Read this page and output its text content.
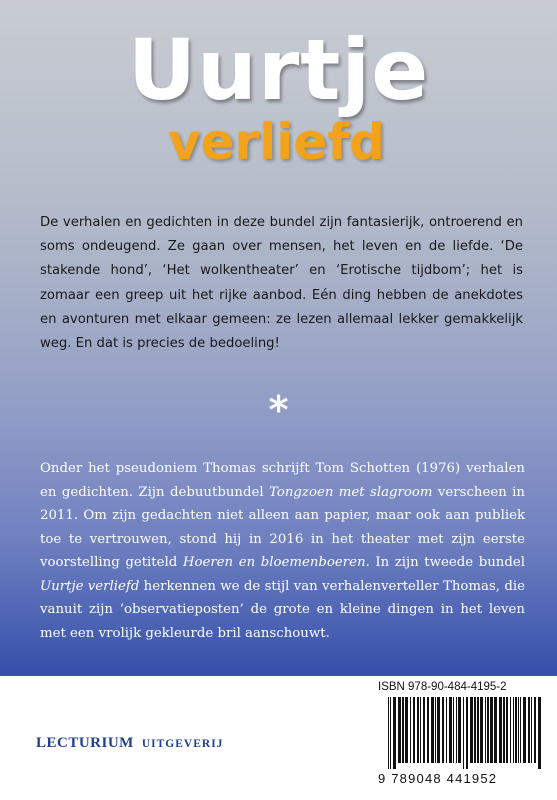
Uurtje
verliefd

De verhalen en gedichten in deze bundel zijn fantasierijk, ontroerend en soms ondeugend. Ze gaan over mensen, het leven en de liefde. ‘De stakende hond’, ‘Het wolkentheater’ en ‘Erotische tijdbom’; het is zomaar een greep uit het rijke aanbod. Eén ding hebben de anekdotes en avonturen met elkaar gemeen: ze lezen allemaal lekker gemakkelijk weg. En dat is precies de bedoeling!

*

Onder het pseudoniem Thomas schrijft Tom Schotten (1976) verhalen en gedichten. Zijn debuutbundel Tongzoen met slagroom verscheen in 2011. Om zijn gedachten niet alleen aan papier, maar ook aan publiek toe te vertrouwen, stond hij in 2016 in het theater met zijn eerste voorstelling getiteld Hoeren en bloemenboeren. In zijn tweede bundel Uurtje verliefd herkennen we de stijl van verhalenverteller Thomas, die vanuit zijn ‘observatieposten’ de grote en kleine dingen in het leven met een vrolijk gekleurde bril aanschouwt.

LECTURIUM UITGEVERIJ
ISBN 978-90-484-4195-2
9 789048 441952
